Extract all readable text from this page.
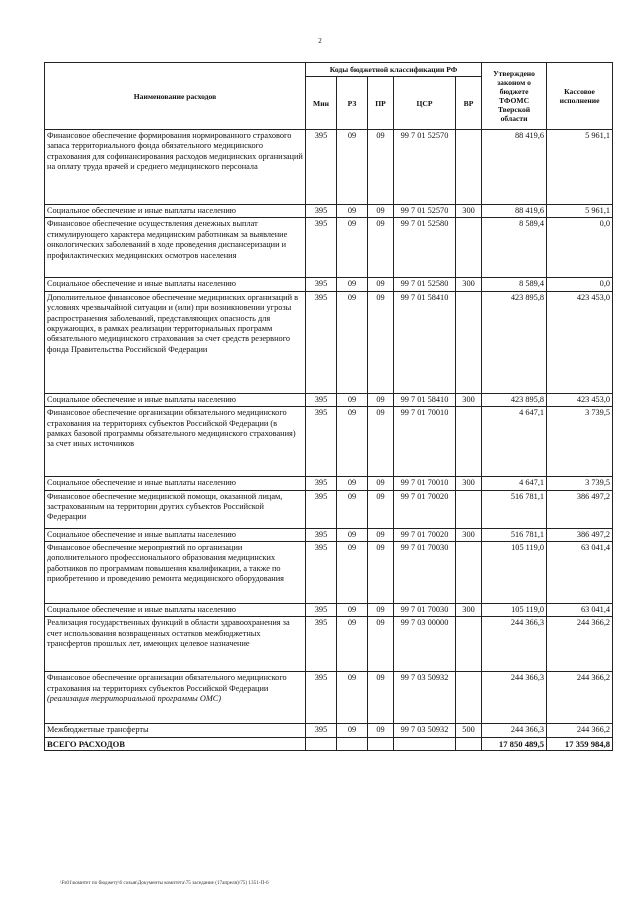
2
Наименование расходов	Коды бюджетной классификации РФ					Утверждено законом о бюджете ТФОМС Тверской области	Кассовое исполнение
	Мин	РЗ	ПР	ЦСР	ВР		
Финансовое обеспечение формирования нормированного страхового запаса территориального фонда обязательного медицинского страхования для софинансирования расходов медицинских организаций на оплату труда врачей и среднего медицинского персонала	395	09	09	99 7 01 52570		88 419,6	5 961,1
Социальное обеспечение и иные выплаты населению	395	09	09	99 7 01 52570	300	88 419,6	5 961,1
Финансовое обеспечение осуществления денежных выплат стимулирующего характера медицинским работникам за выявление онкологических заболеваний в ходе проведения диспансеризации и профилактических медицинских осмотров населения	395	09	09	99 7 01 52580		8 589,4	0,0
Социальное обеспечение и иные выплаты населению	395	09	09	99 7 01 52580	300	8 589,4	0,0
Дополнительное финансовое обеспечение медицинских организаций в условиях чрезвычайной ситуации и (или) при возникновении угрозы распространения заболеваний, представляющих опасность для окружающих, в рамках реализации территориальных программ обязательного медицинского страхования за счет средств резервного фонда Правительства Российской Федерации	395	09	09	99 7 01 58410		423 895,8	423 453,0
Социальное обеспечение и иные выплаты населению	395	09	09	99 7 01 58410	300	423 895,8	423 453,0
Финансовое обеспечение организации обязательного медицинского страхования на территориях субъектов Российской Федерации (в рамках базовой программы обязательного медицинского страхования) за счет иных источников	395	09	09	99 7 01 70010		4 647,1	3 739,5
Социальное обеспечение и иные выплаты населению	395	09	09	99 7 01 70010	300	4 647,1	3 739,5
Финансовое обеспечение медицинской помощи, оказанной лицам, застрахованным на территории других субъектов Российской Федерации	395	09	09	99 7 01 70020		516 781,1	386 497,2
Социальное обеспечение и иные выплаты населению	395	09	09	99 7 01 70020	300	516 781,1	386 497,2
Финансовое обеспечение мероприятий по организации дополнительного профессионального образования медицинских работников по программам повышения квалификации, а также по приобретению и проведению ремонта медицинского оборудования	395	09	09	99 7 01 70030		105 119,0	63 041,4
Социальное обеспечение и иные выплаты населению	395	09	09	99 7 01 70030	300	105 119,0	63 041,4
Реализация государственных функций в области здравоохранения за счет использования возвращенных остатков межбюджетных трансфертов прошлых лет, имеющих целевое назначение	395	09	09	99 7 03 00000		244 366,3	244 366,2
Финансовое обеспечение организации обязательного медицинского страхования на территориях субъектов Российской Федерации (реализация территориальной программы ОМС)	395	09	09	99 7 03 50932		244 366,3	244 366,2
Межбюджетные трансферты	395	09	09	99 7 03 50932	500	244 366,3	244 366,2
ВСЕГО РАСХОДОВ						17 850 489,5	17 359 984,8
\Fs01\комитет по бюджету\6 созыв\Документы комитета\75 заседание (17апреля)\75) 1351-П-6
